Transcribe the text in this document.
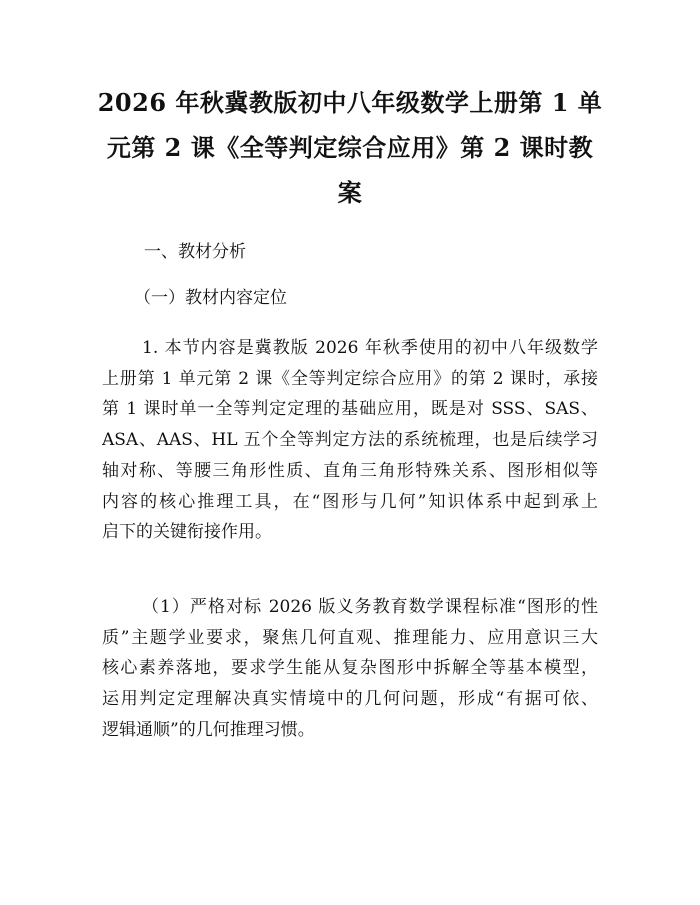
2026 年秋冀教版初中八年级数学上册第 1 单
元第 2 课《全等判定综合应用》第 2 课时教
案
一、教材分析
（一）教材内容定位
1. 本节内容是冀教版 2026 年秋季使用的初中八年级数学
上册第 1 单元第 2 课《全等判定综合应用》的第 2 课时，承接
第 1 课时单一全等判定定理的基础应用，既是对 SSS、SAS、
ASA、AAS、HL 五个全等判定方法的系统梳理，也是后续学习
轴对称、等腰三角形性质、直角三角形特殊关系、图形相似等
内容的核心推理工具，在“图形与几何”知识体系中起到承上
启下的关键衔接作用。
（1）严格对标 2026 版义务教育数学课程标准“图形的性
质”主题学业要求，聚焦几何直观、推理能力、应用意识三大
核心素养落地，要求学生能从复杂图形中拆解全等基本模型，
运用判定定理解决真实情境中的几何问题，形成“有据可依、
逻辑通顺”的几何推理习惯。
